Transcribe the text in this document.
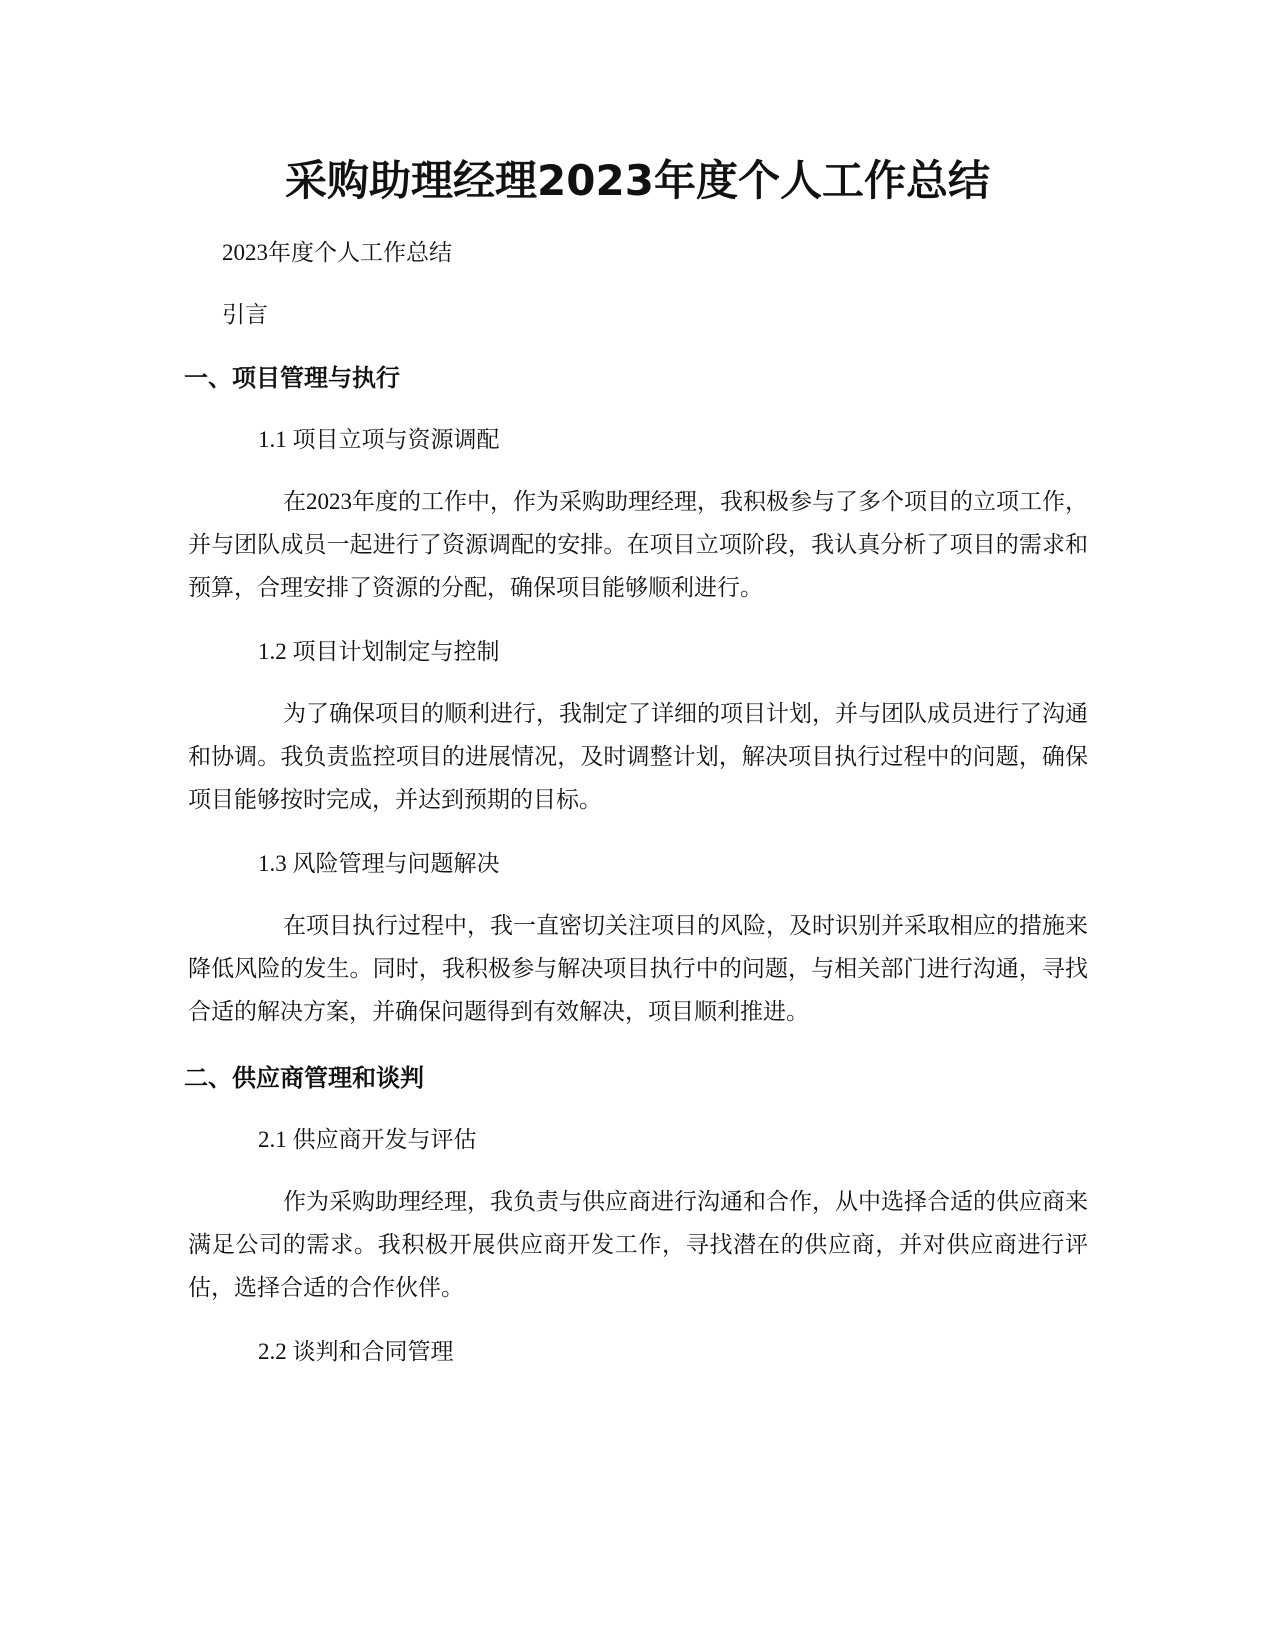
采购助理经理2023年度个人工作总结

2023年度个人工作总结

引言

一、项目管理与执行

1.1 项目立项与资源调配

在2023年度的工作中，作为采购助理经理，我积极参与了多个项目的立项工作，并与团队成员一起进行了资源调配的安排。在项目立项阶段，我认真分析了项目的需求和预算，合理安排了资源的分配，确保项目能够顺利进行。

1.2 项目计划制定与控制

为了确保项目的顺利进行，我制定了详细的项目计划，并与团队成员进行了沟通和协调。我负责监控项目的进展情况，及时调整计划，解决项目执行过程中的问题，确保项目能够按时完成，并达到预期的目标。

1.3 风险管理与问题解决

在项目执行过程中，我一直密切关注项目的风险，及时识别并采取相应的措施来降低风险的发生。同时，我积极参与解决项目执行中的问题，与相关部门进行沟通，寻找合适的解决方案，并确保问题得到有效解决，项目顺利推进。

二、供应商管理和谈判

2.1 供应商开发与评估

作为采购助理经理，我负责与供应商进行沟通和合作，从中选择合适的供应商来满足公司的需求。我积极开展供应商开发工作，寻找潜在的供应商，并对供应商进行评估，选择合适的合作伙伴。

2.2 谈判和合同管理
